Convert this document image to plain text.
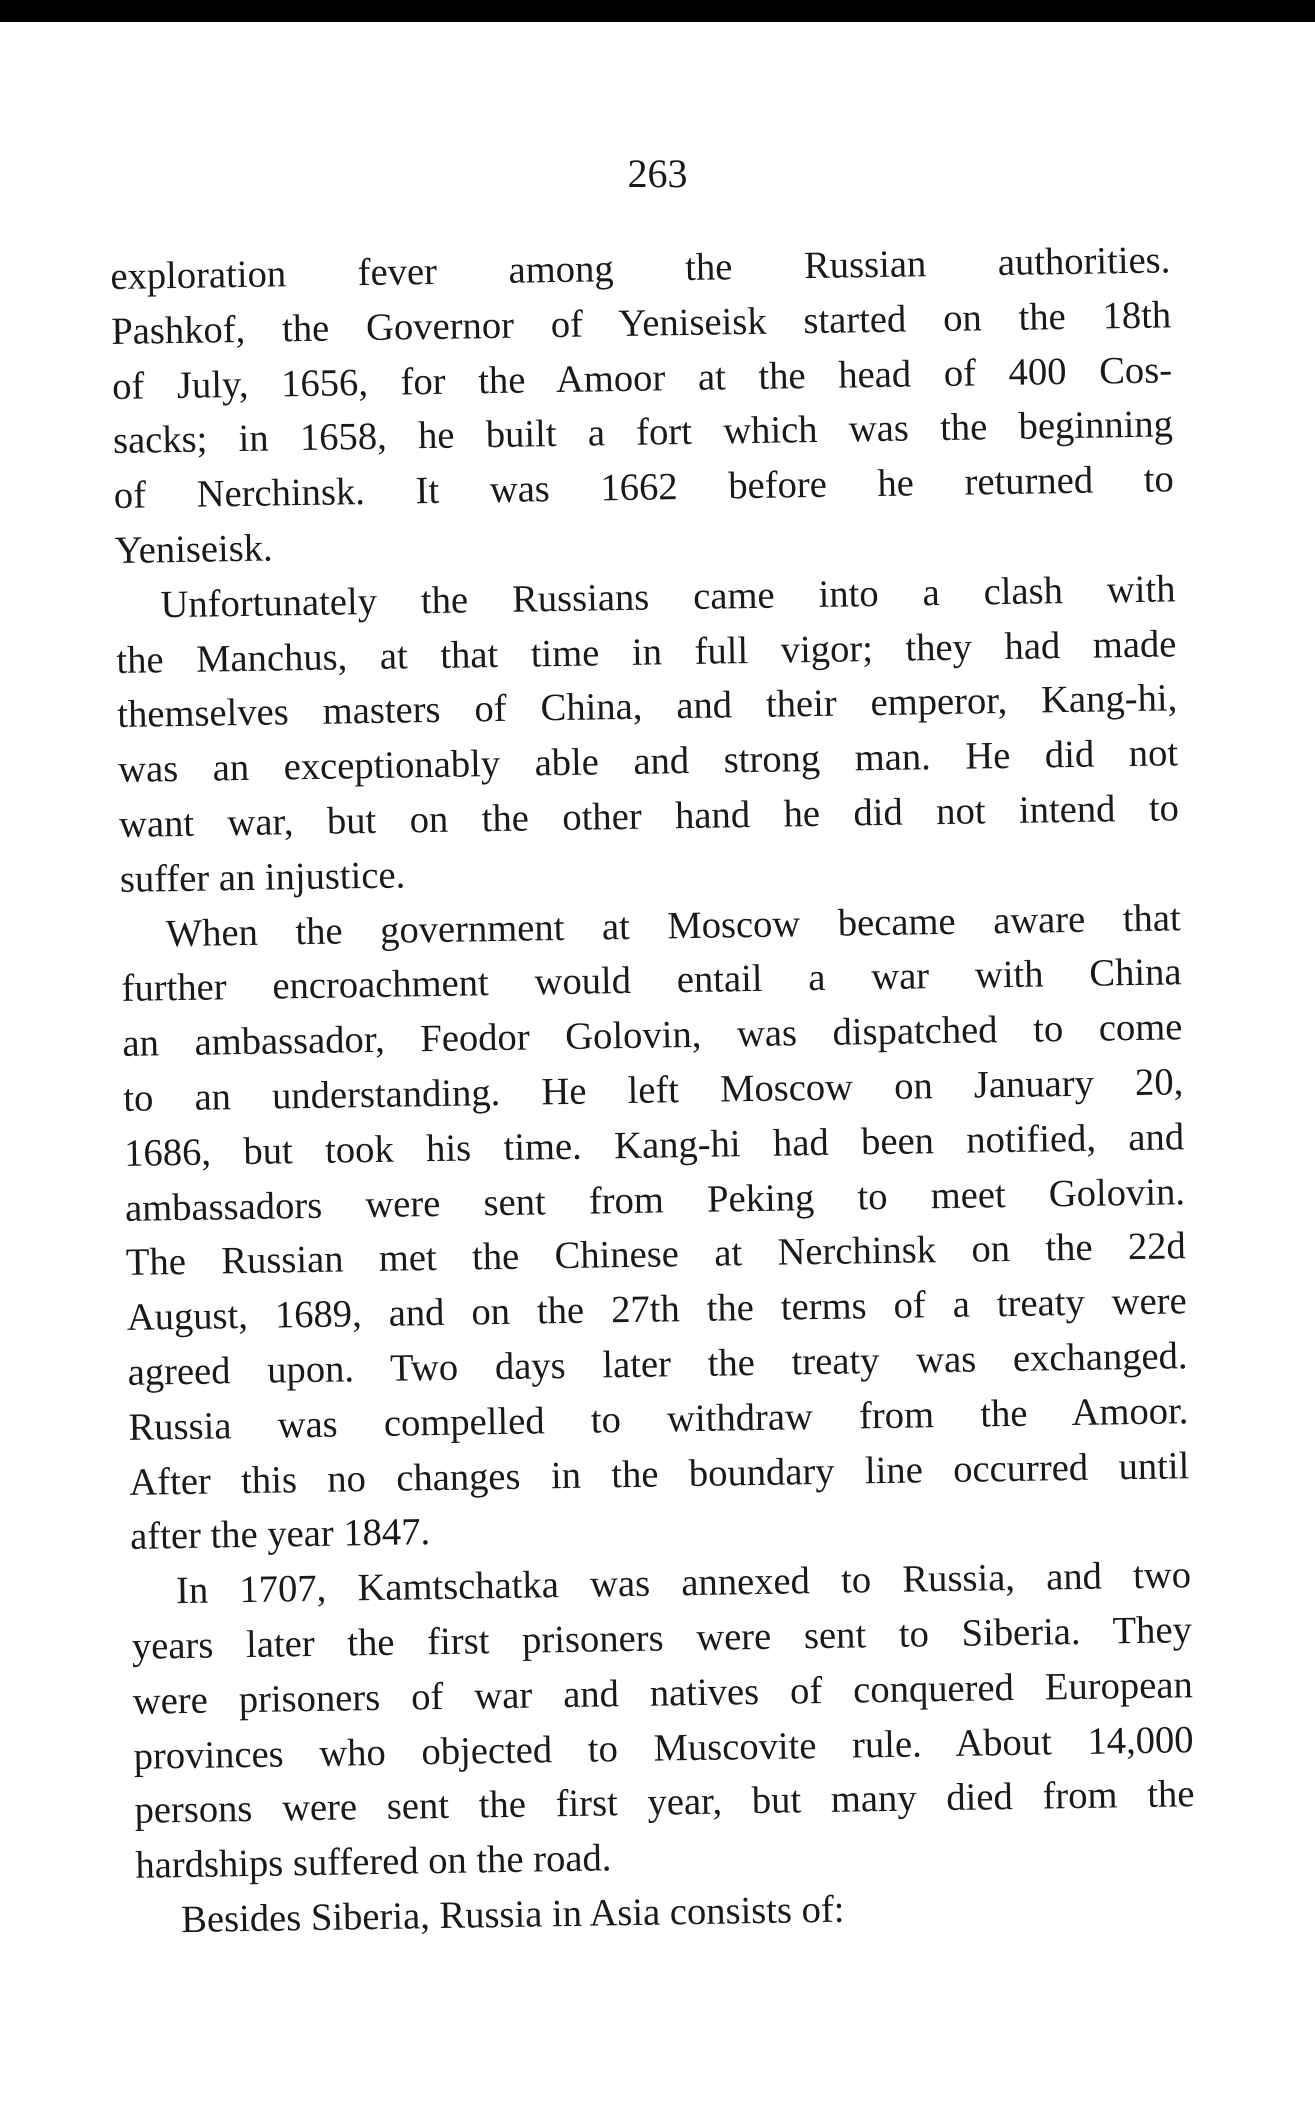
263

exploration fever among the Russian authorities.
Pashkof, the Governor of Yeniseisk started on the 18th
of July, 1656, for the Amoor at the head of 400 Cos-
sacks; in 1658, he built a fort which was the beginning
of Nerchinsk. It was 1662 before he returned to
Yeniseisk.

Unfortunately the Russians came into a clash with
the Manchus, at that time in full vigor; they had made
themselves masters of China, and their emperor, Kang-hi,
was an exceptionably able and strong man. He did not
want war, but on the other hand he did not intend to
suffer an injustice.

When the government at Moscow became aware that
further encroachment would entail a war with China
an ambassador, Feodor Golovin, was dispatched to come
to an understanding. He left Moscow on January 20,
1686, but took his time. Kang-hi had been notified, and
ambassadors were sent from Peking to meet Golovin.
The Russian met the Chinese at Nerchinsk on the 22d
August, 1689, and on the 27th the terms of a treaty were
agreed upon. Two days later the treaty was exchanged.
Russia was compelled to withdraw from the Amoor.
After this no changes in the boundary line occurred until
after the year 1847.

In 1707, Kamtschatka was annexed to Russia, and two
years later the first prisoners were sent to Siberia. They
were prisoners of war and natives of conquered European
provinces who objected to Muscovite rule. About 14,000
persons were sent the first year, but many died from the
hardships suffered on the road.

Besides Siberia, Russia in Asia consists of:
